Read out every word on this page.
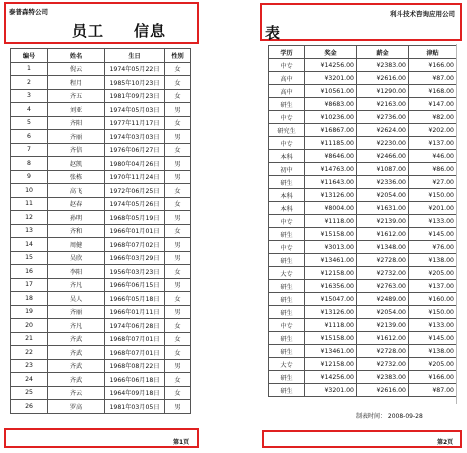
泰普森特公司
员工 信息
编号	姓名	生日	性别
1	倪云	1974年05月22日	女
2	程月	1985年10月23日	女
3	齐五	1981年09月23日	女
4	刘亚	1974年05月03日	男
5	齐阳	1977年11月17日	女
6	齐丽	1974年03月03日	男
7	齐信	1976年06月27日	女
8	赵凯	1980年04月26日	男
9	张栋	1970年11月24日	男
10	高飞	1972年06月25日	女
11	赵春	1974年05月26日	女
12	孙明	1968年05月19日	男
13	齐和	1966年01月01日	女
14	周健	1968年07月02日	男
15	吴欣	1966年03月29日	男
16	李阳	1956年03月23日	女
17	齐凡	1966年06月15日	男
18	吴人	1966年05月18日	女
19	齐丽	1966年01月11日	男
20	齐凡	1974年06月28日	女
21	齐武	1968年07月01日	女
22	齐武	1968年07月01日	女
23	齐武	1968年08月22日	男
24	齐武	1966年06月18日	女
25	齐云	1964年09月18日	女
26	罗高	1981年03月05日	男
第1页
利斗技术咨询应用公司
表
学历	奖金	薪金	津贴
中专	¥14256.00	¥2383.00	¥166.00
高中	¥3201.00	¥2616.00	¥87.00
高中	¥10561.00	¥1290.00	¥168.00
研生	¥8683.00	¥2163.00	¥147.00
中专	¥10236.00	¥2736.00	¥82.00
研究生	¥16867.00	¥2624.00	¥202.00
中专	¥11185.00	¥2230.00	¥137.00
本科	¥8646.00	¥2466.00	¥46.00
初中	¥14763.00	¥1087.00	¥86.00
研生	¥11643.00	¥2336.00	¥27.00
本科	¥13126.00	¥2054.00	¥150.00
本科	¥8004.00	¥1631.00	¥201.00
中专	¥1118.00	¥2139.00	¥133.00
研生	¥15158.00	¥1612.00	¥145.00
中专	¥3013.00	¥1348.00	¥76.00
研生	¥13461.00	¥2728.00	¥138.00
大专	¥12158.00	¥2732.00	¥205.00
研生	¥16356.00	¥2763.00	¥137.00
研生	¥15047.00	¥2489.00	¥160.00
研生	¥13126.00	¥2054.00	¥150.00
中专	¥1118.00	¥2139.00	¥133.00
研生	¥15158.00	¥1612.00	¥145.00
研生	¥13461.00	¥2728.00	¥138.00
大专	¥12158.00	¥2732.00	¥205.00
研生	¥14256.00	¥2383.00	¥166.00
研生	¥3201.00	¥2616.00	¥87.00
制表时间： 2008-09-28
第2页
